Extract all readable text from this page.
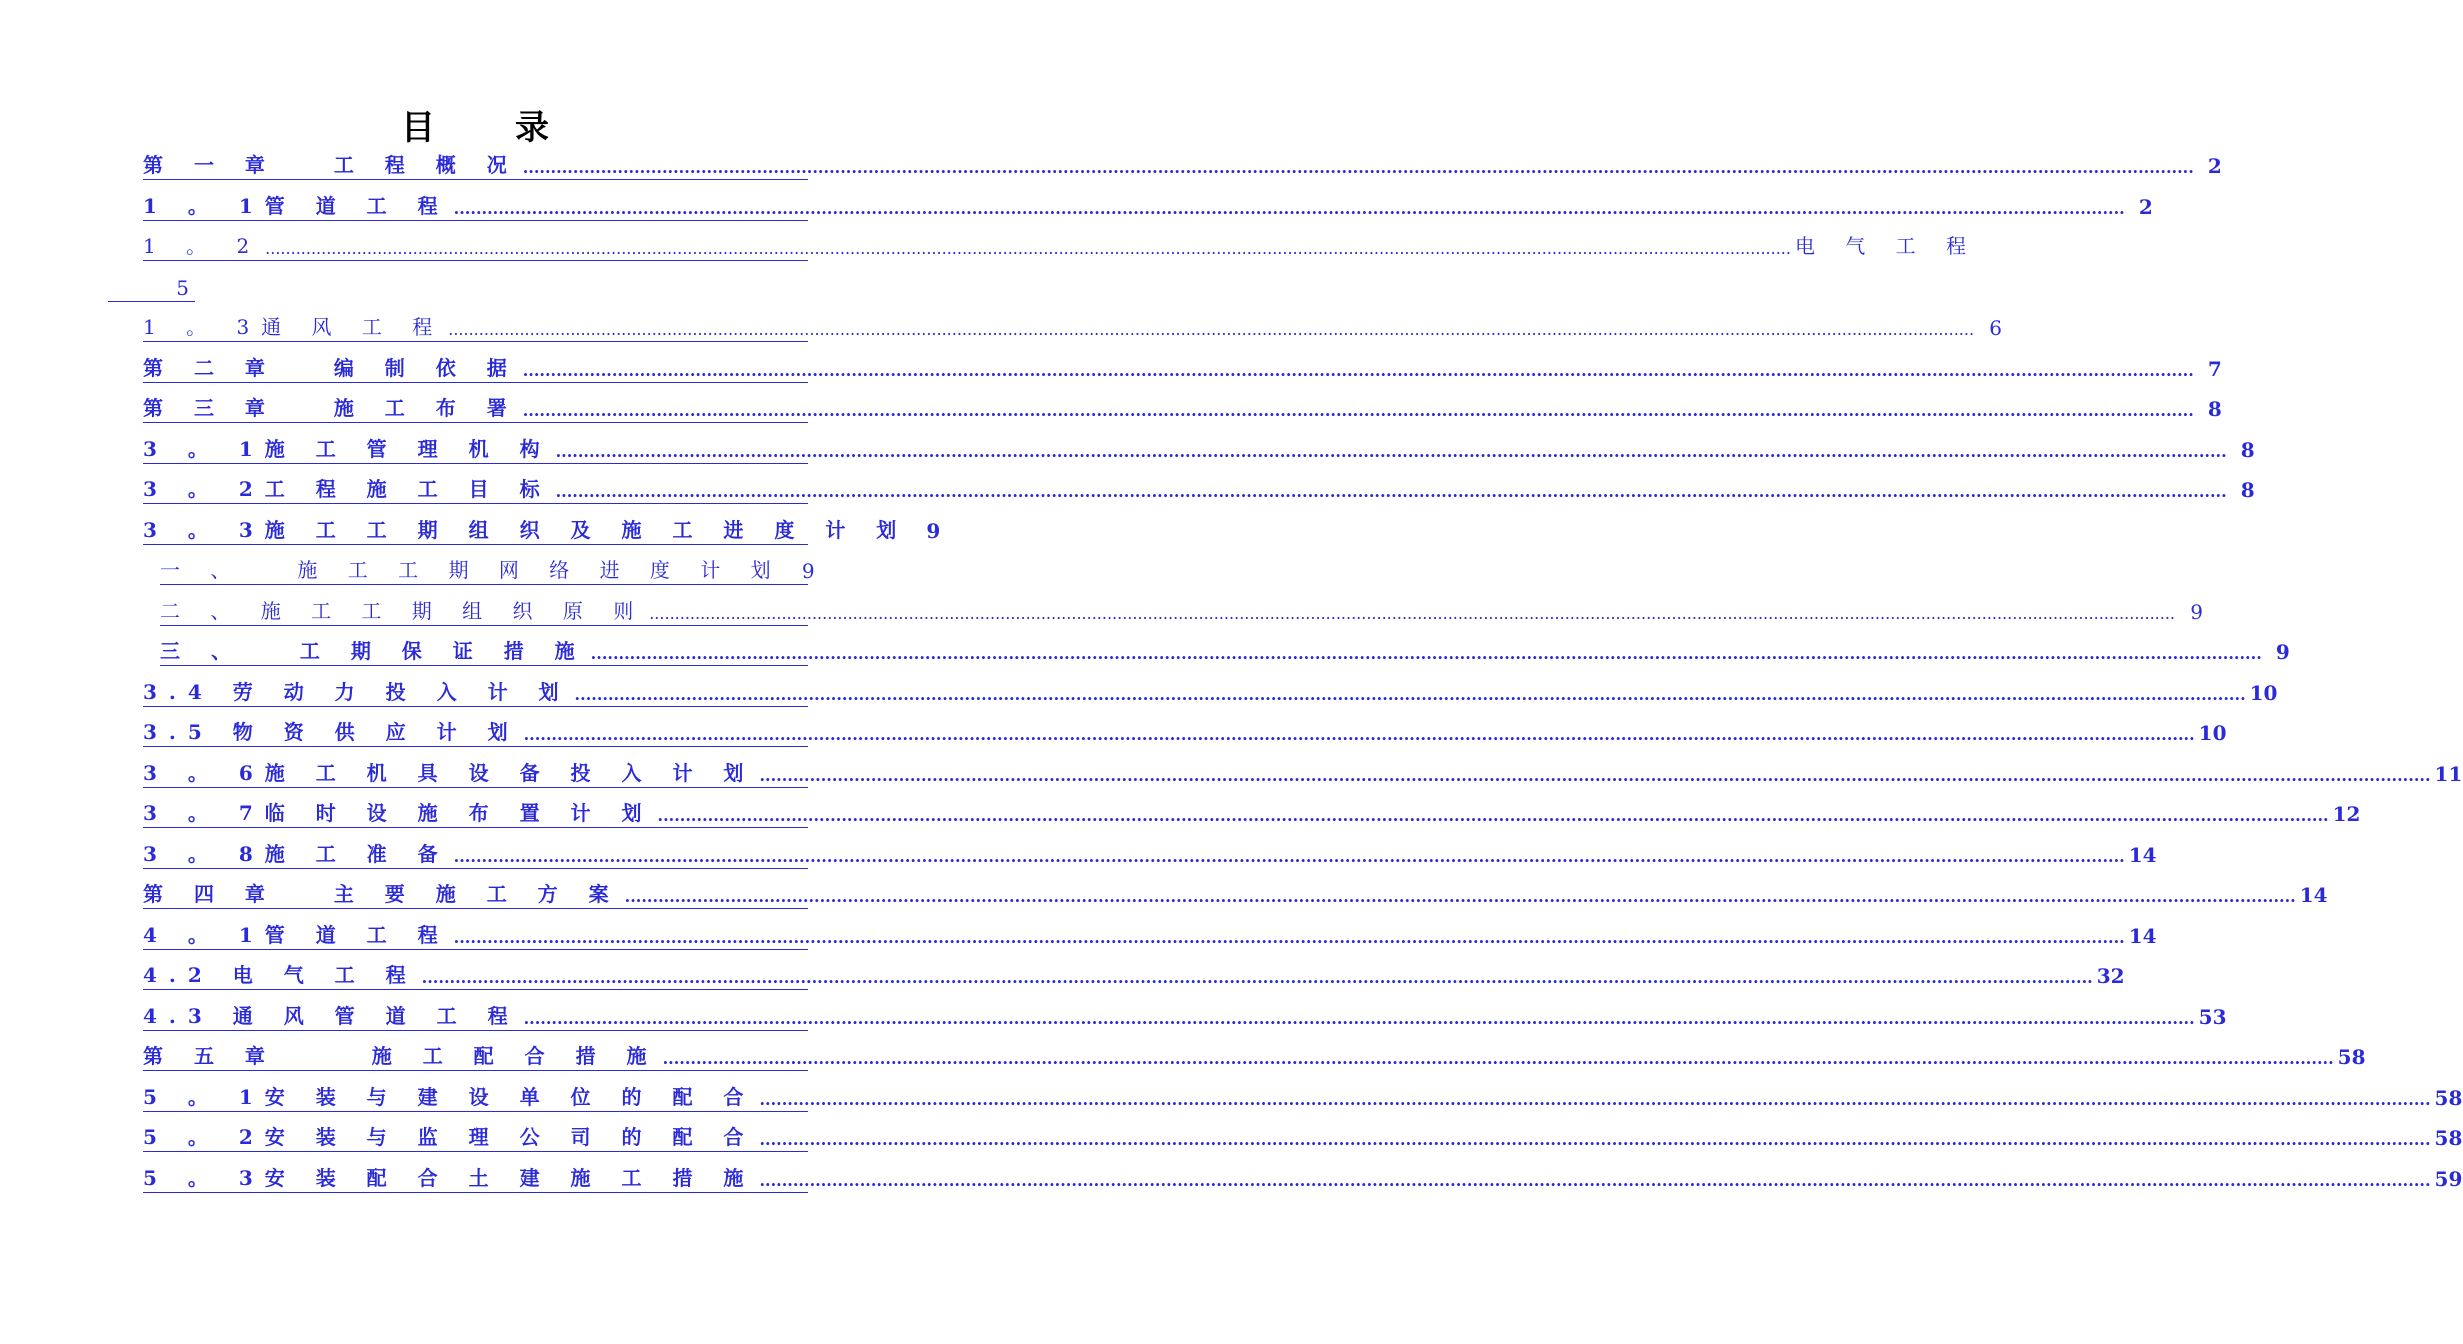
目 录
第 一 章   工 程 概 况 ............................................................................................................................................................................................................................................................................................................ 2
1 。 1管 道 工 程 ............................................................................................................................................................................................................................................................................................................ 2
1 。 2 ............................................................................................................................................................................................................................................................................................................ 电 气 工 程
5
1 。 3通 风 工 程 ............................................................................................................................................................................................................................................................................................................ 6
第 二 章   编 制 依 据 ............................................................................................................................................................................................................................................................................................................ 7
第 三 章   施 工 布 署 ............................................................................................................................................................................................................................................................................................................ 8
3 。 1施 工 管 理 机 构 ............................................................................................................................................................................................................................................................................................................ 8
3 。 2工 程 施 工 目 标 ............................................................................................................................................................................................................................................................................................................ 8
3 。 3施 工 工 期 组 织 及 施 工 进 度 计 划 9
一 、   施 工 工 期 网 络 进 度 计 划 9
二 、 施 工 工 期 组 织 原 则 ............................................................................................................................................................................................................................................................................................................ 9
三 、   工 期 保 证 措 施 ............................................................................................................................................................................................................................................................................................................ 9
3.4 劳 动 力 投 入 计 划 ............................................................................................................................................................................................................................................................................................................ 10
3.5 物 资 供 应 计 划 ............................................................................................................................................................................................................................................................................................................ 10
3 。 6施 工 机 具 设 备 投 入 计 划 ............................................................................................................................................................................................................................................................................................................ 11
3 。 7临 时 设 施 布 置 计 划 ............................................................................................................................................................................................................................................................................................................ 12
3 。 8施 工 准 备 ............................................................................................................................................................................................................................................................................................................ 14
第 四 章   主 要 施 工 方 案 ............................................................................................................................................................................................................................................................................................................ 14
4 。 1管 道 工 程 ............................................................................................................................................................................................................................................................................................................ 14
4.2 电 气 工 程 ............................................................................................................................................................................................................................................................................................................ 32
4.3 通 风 管 道 工 程 ............................................................................................................................................................................................................................................................................................................ 53
第 五 章     施 工 配 合 措 施 ............................................................................................................................................................................................................................................................................................................ 58
5 。 1安 装 与 建 设 单 位 的 配 合 ............................................................................................................................................................................................................................................................................................................ 58
5 。 2安 装 与 监 理 公 司 的 配 合 ............................................................................................................................................................................................................................................................................................................ 58
5 。 3安 装 配 合 土 建 施 工 措 施 ............................................................................................................................................................................................................................................................................................................ 59
